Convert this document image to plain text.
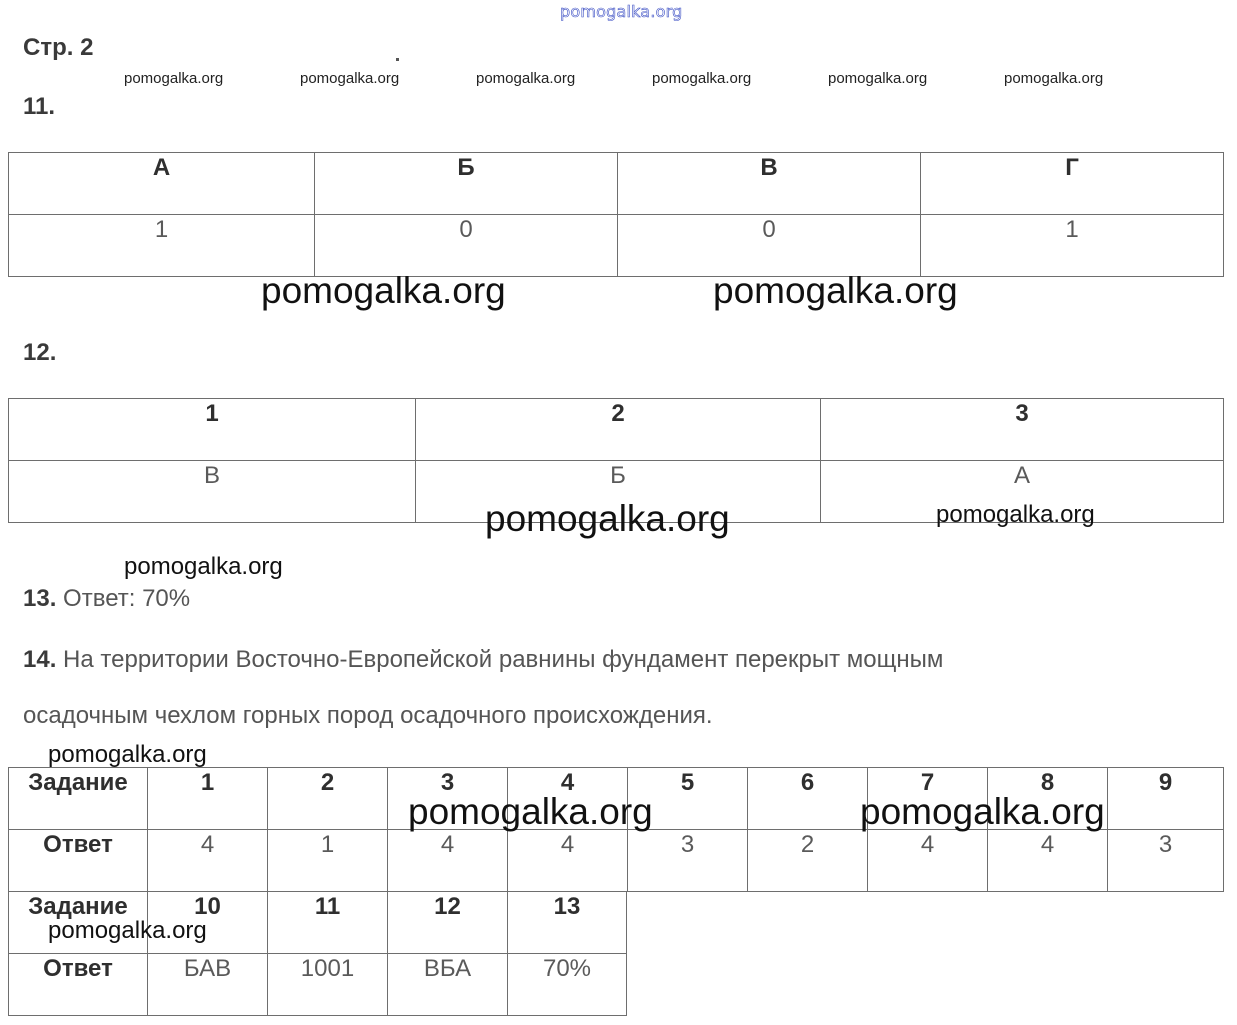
pomogalka.org
Стр. 2
pomogalka.org	pomogalka.org	pomogalka.org	pomogalka.org	pomogalka.org	pomogalka.org
11.
А	Б	В	Г
1	0	0	1
pomogalka.org	pomogalka.org
12.
1	2	3
В	Б	А
pomogalka.org	pomogalka.org
pomogalka.org
13. Ответ: 70%
14. На территории Восточно-Европейской равнины фундамент перекрыт мощным
осадочным чехлом горных пород осадочного происхождения.
pomogalka.org
Задание	1	2	3	4	5	6	7	8	9
Ответ	4	1	4	4	3	2	4	4	3
Задание	10	11	12	13
Ответ	БАВ	1001	ВБА	70%
pomogalka.org	pomogalka.org
pomogalka.org
